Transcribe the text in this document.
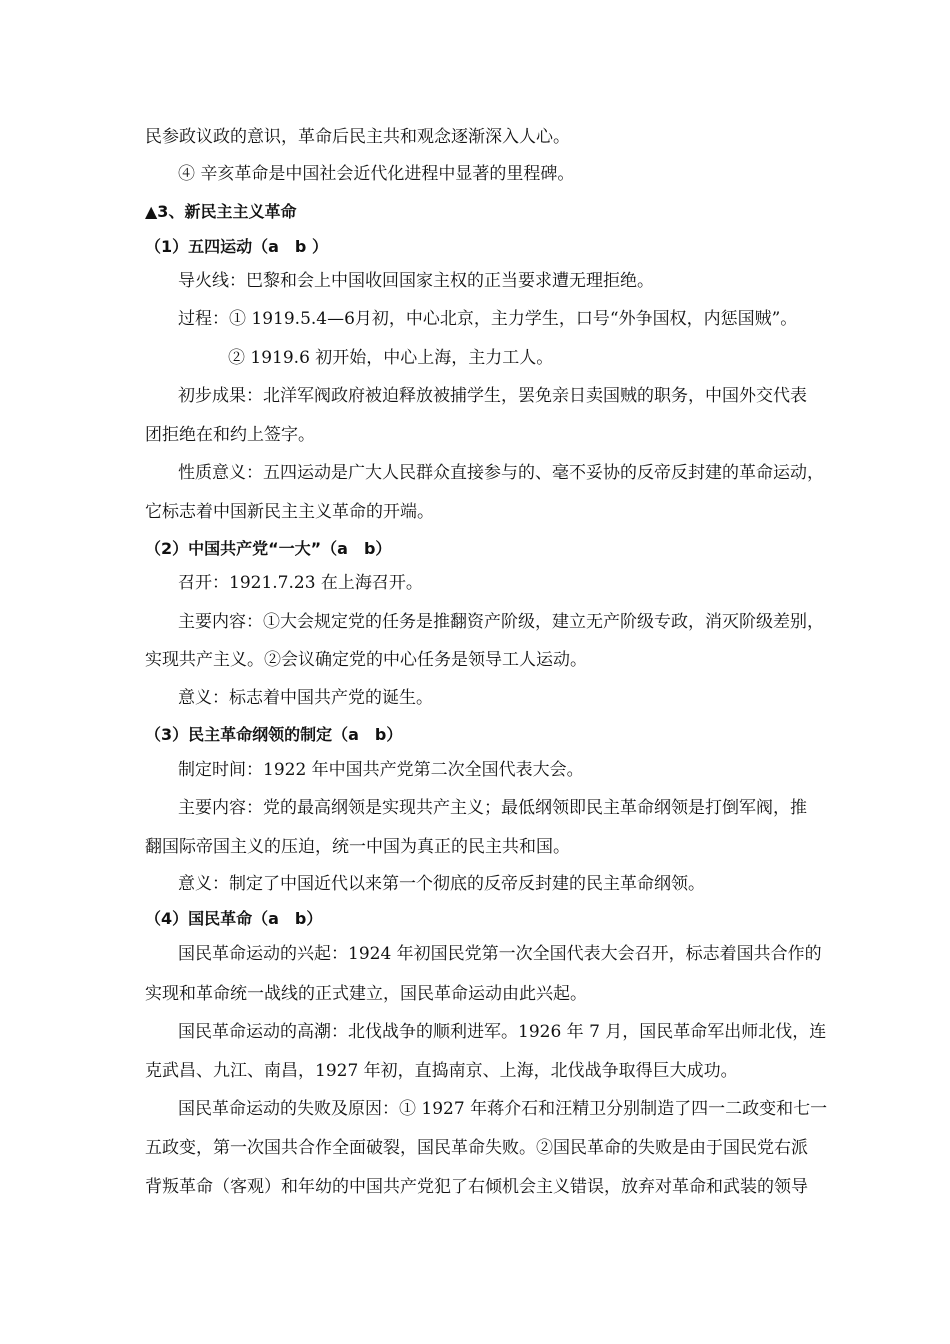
民参政议政的意识，革命后民主共和观念逐渐深入人心。
④ 辛亥革命是中国社会近代化进程中显著的里程碑。
▲3、新民主主义革命
（1）五四运动（a　b ）
导火线：巴黎和会上中国收回国家主权的正当要求遭无理拒绝。
过程：① 1919.5.4—6月初，中心北京，主力学生，口号“外争国权，内惩国贼”。
② 1919.6 初开始，中心上海，主力工人。
初步成果：北洋军阀政府被迫释放被捕学生，罢免亲日卖国贼的职务，中国外交代表
团拒绝在和约上签字。
性质意义：五四运动是广大人民群众直接参与的、毫不妥协的反帝反封建的革命运动，
它标志着中国新民主主义革命的开端。
（2）中国共产党“一大”（a　b）
召开：1921.7.23 在上海召开。
主要内容：①大会规定党的任务是推翻资产阶级，建立无产阶级专政，消灭阶级差别，
实现共产主义。②会议确定党的中心任务是领导工人运动。
意义：标志着中国共产党的诞生。
（3）民主革命纲领的制定（a　b）
制定时间：1922 年中国共产党第二次全国代表大会。
主要内容：党的最高纲领是实现共产主义；最低纲领即民主革命纲领是打倒军阀，推
翻国际帝国主义的压迫，统一中国为真正的民主共和国。
意义：制定了中国近代以来第一个彻底的反帝反封建的民主革命纲领。
（4）国民革命（a　b）
国民革命运动的兴起：1924 年初国民党第一次全国代表大会召开，标志着国共合作的
实现和革命统一战线的正式建立，国民革命运动由此兴起。
国民革命运动的高潮：北伐战争的顺利进军。1926 年 7 月，国民革命军出师北伐，连
克武昌、九江、南昌，1927 年初，直捣南京、上海，北伐战争取得巨大成功。
国民革命运动的失败及原因：① 1927 年蒋介石和汪精卫分别制造了四一二政变和七一
五政变，第一次国共合作全面破裂，国民革命失败。②国民革命的失败是由于国民党右派
背叛革命（客观）和年幼的中国共产党犯了右倾机会主义错误，放弃对革命和武装的领导
